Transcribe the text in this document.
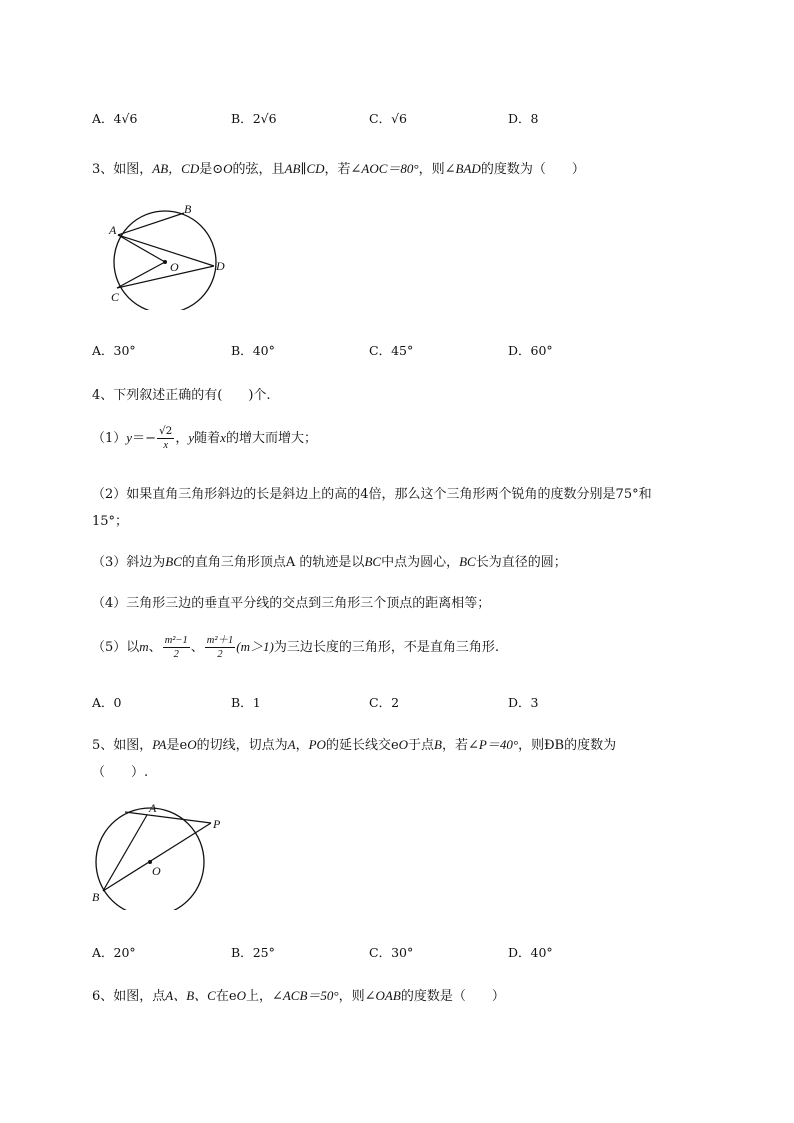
A．4√6	B．2√6	C．√6	D．8
3、如图，AB，CD是⊙O的弦，且AB∥CD，若∠AOC＝80°，则∠BAD的度数为（　　）
A
B
C
D
O
A．30°	B．40°	C．45°	D．60°
4、下列叙述正确的有(　　)个.
$(1)y=- \frac{√2}{x}$ ，y随着x的增大而增大；
（2）如果直角三角形斜边的长是斜边上的高的4倍，那么这个三角形两个锐角的度数分别是75°和
15°；
（3）斜边为BC的直角三角形顶点A 的轨迹是以BC中点为圆心，BC长为直径的圆；
（4）三角形三边的垂直平分线的交点到三角形三个顶点的距离相等；
（5）以m、 $\frac{\text{m²−1}}{2}$ 、 $\frac{\text{m²＋1}}{2} (m>1)$为三边长度的三角形，不是直角三角形.
A．0	B．1	C．2	D．3
5、如图，PA是eO的切线，切点为A，PO的延长线交eO于点B，若∠P＝40°，则ÐB的度数为
（　　）.
A
P
O
B
A．20°	B．25°	C．30°	D．40°
6、如图，点A、B、C在eO上，∠ACB＝50°，则∠OAB的度数是（　　）
